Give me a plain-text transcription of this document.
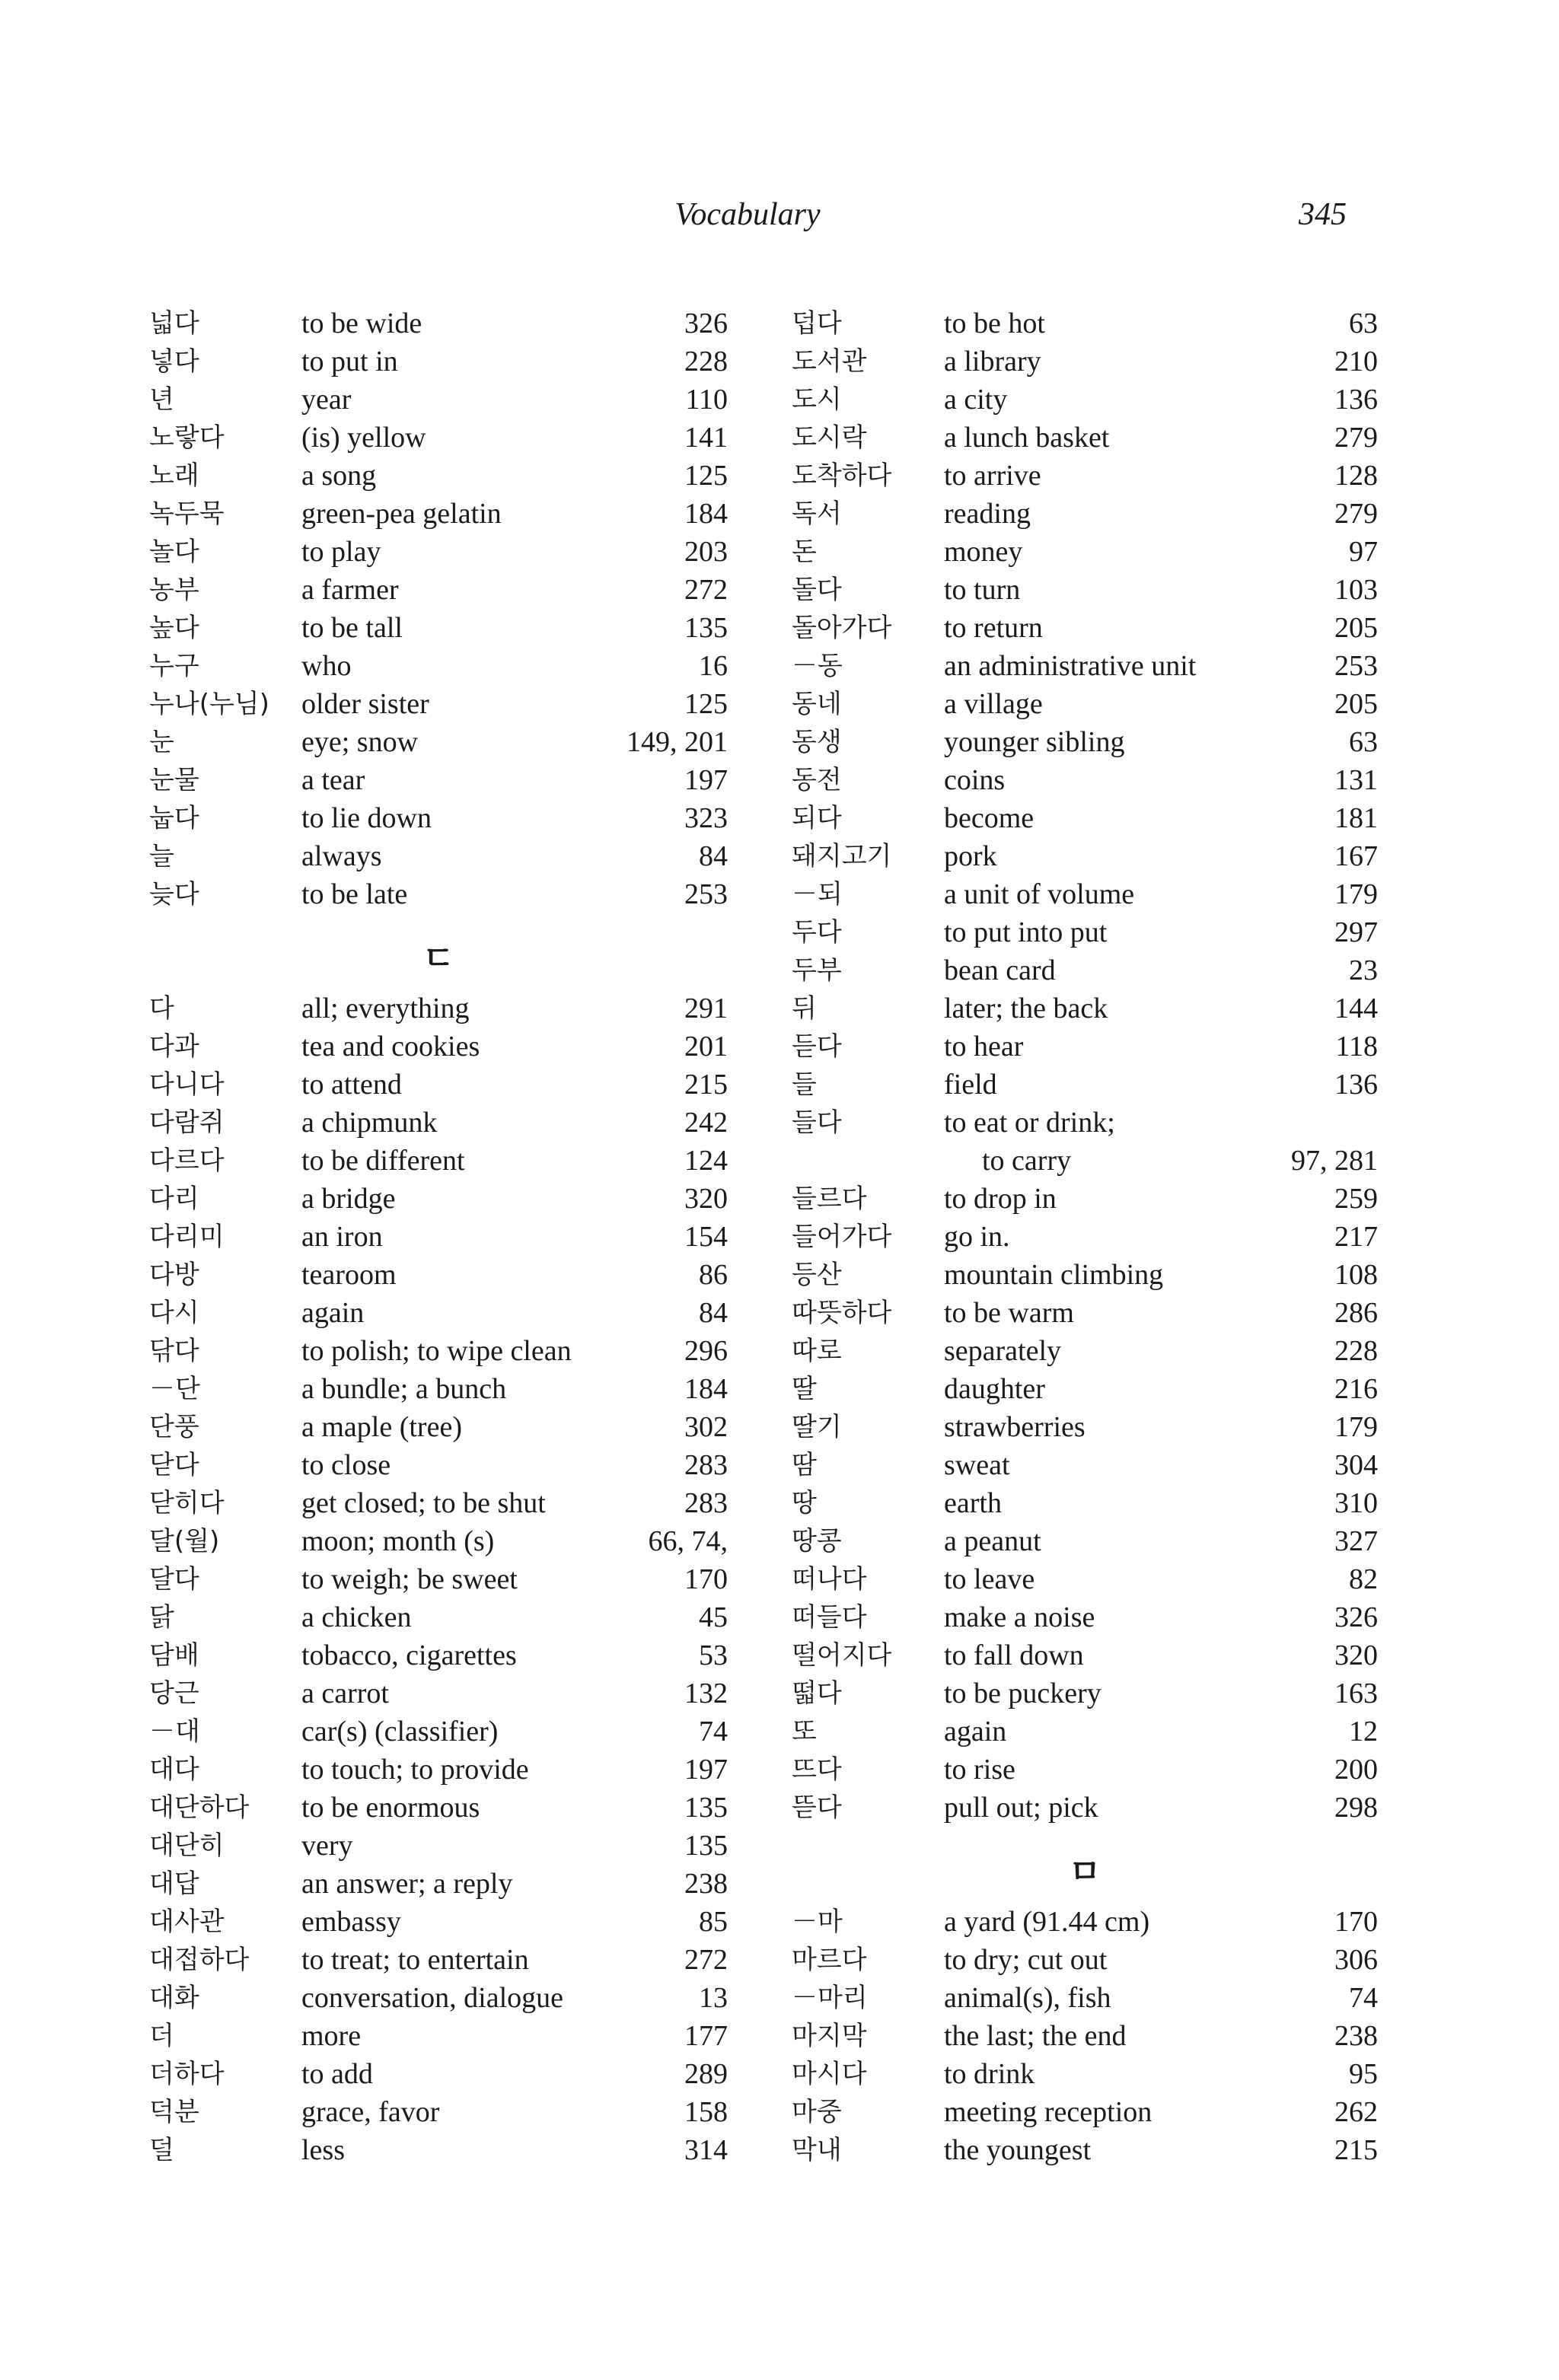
Vocabulary	345
넓다	to be wide	326
넣다	to put in	228
년	year	110
노랗다	(is) yellow	141
노래	a song	125
녹두묵	green-pea gelatin	184
놀다	to play	203
농부	a farmer	272
높다	to be tall	135
누구	who	16
누나(누님) older sister	125
눈	eye; snow	149, 201
눈물	a tear	197
눕다	to lie down	323
늘	always	84
늦다	to be late	253
ㄷ
다	all; everything	291
다과	tea and cookies	201
다니다	to attend	215
다람쥐	a chipmunk	242
다르다	to be different	124
다리	a bridge	320
다리미	an iron	154
다방	tearoom	86
다시	again	84
닦다	to polish; to wipe clean	296
－단	a bundle; a bunch	184
단풍	a maple (tree)	302
닫다	to close	283
닫히다	get closed; to be shut	283
달(월)	moon; month (s)	66, 74,
달다	to weigh; be sweet	170
닭	a chicken	45
담배	tobacco, cigarettes	53
당근	a carrot	132
－대	car(s) (classifier)	74
대다	to touch; to provide	197
대단하다 to be enormous	135
대단히	very	135
대답	an answer; a reply	238
대사관	embassy	85
대접하다 to treat; to entertain	272
대화	conversation, dialogue	13
더	more	177
더하다	to add	289
덕분	grace, favor	158
덜	less	314
덥다	to be hot	63
도서관	a library	210
도시	a city	136
도시락	a lunch basket	279
도착하다 to arrive	128
독서	reading	279
돈	money	97
돌다	to turn	103
돌아가다 to return	205
－동	an administrative unit	253
동네	a village	205
동생	younger sibling	63
동전	coins	131
되다	become	181
돼지고기 pork	167
－되	a unit of volume	179
두다	to put into put	297
두부	bean card	23
뒤	later; the back	144
듣다	to hear	118
들	field	136
들다	to eat or drink;
to carry	97, 281
들르다	to drop in	259
들어가다 go in.	217
등산	mountain climbing	108
따뜻하다 to be warm	286
따로	separately	228
딸	daughter	216
딸기	strawberries	179
땀	sweat	304
땅	earth	310
땅콩	a peanut	327
떠나다	to leave	82
떠들다	make a noise	326
떨어지다 to fall down	320
떫다	to be puckery	163
또	again	12
뜨다	to rise	200
뜯다	pull out; pick	298
ㅁ
－마	a yard (91.44 cm)	170
마르다	to dry; cut out	306
－마리	animal(s), fish	74
마지막	the last; the end	238
마시다	to drink	95
마중	meeting reception	262
막내	the youngest	215
